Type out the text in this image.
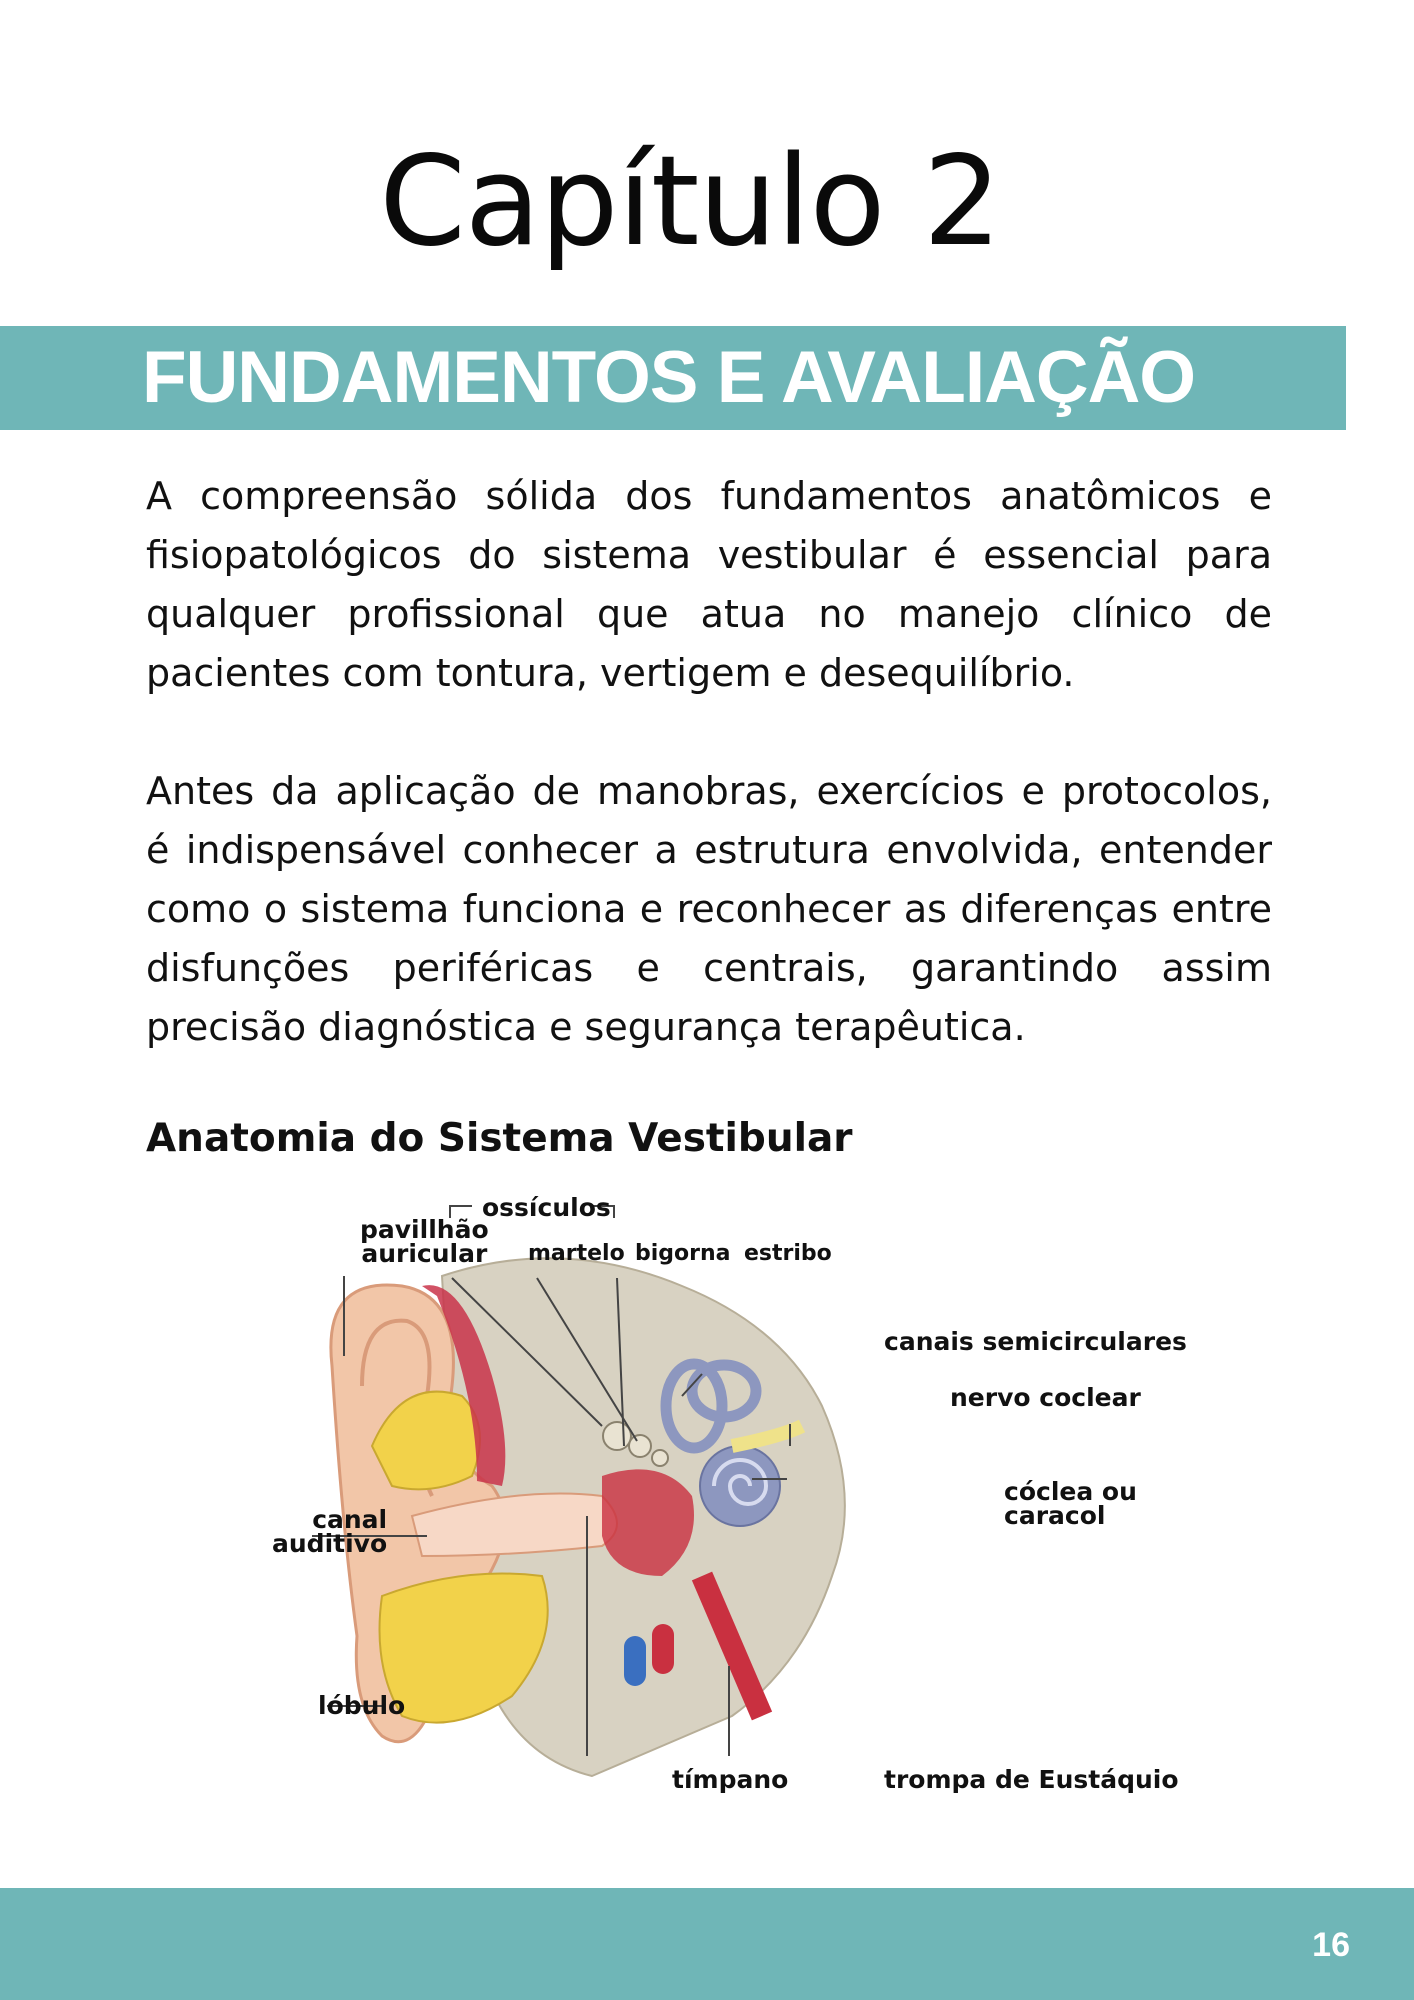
Capítulo 2
FUNDAMENTOS E AVALIAÇÃO
A compreensão sólida dos fundamentos anatômicos e fisiopatológicos do sistema vestibular é essencial para qualquer profissional que atua no manejo clínico de pacientes com tontura, vertigem e desequilíbrio.
Antes da aplicação de manobras, exercícios e protocolos, é indispensável conhecer a estrutura envolvida, entender como o sistema funciona e reconhecer as diferenças entre disfunções periféricas e centrais, garantindo assim precisão diagnóstica e segurança terapêutica.
Anatomia do Sistema Vestibular
ossículos
pavillhão
auricular martelo bigorna estribo
canais semicirculares
nervo coclear
cóclea ou
caracol
canal
auditivo
lóbulo
tímpano	trompa de Eustáquio
16
